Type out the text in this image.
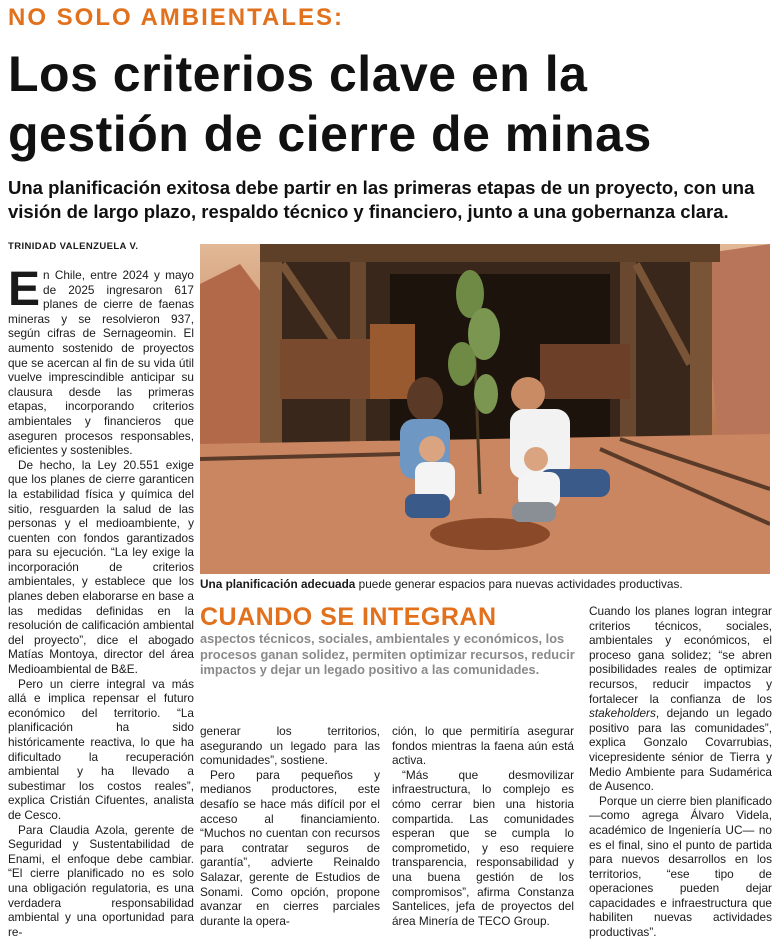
NO SOLO AMBIENTALES:
Los criterios clave en la gestión de cierre de minas
Una planificación exitosa debe partir en las primeras etapas de un proyecto, con una visión de largo plazo, respaldo técnico y financiero, junto a una gobernanza clara.
TRINIDAD VALENZUELA V.

En Chile, entre 2024 y mayo de 2025 ingresaron 617 planes de cierre de faenas mineras y se resolvieron 937, según cifras de Sernageomin. El aumento sostenido de proyectos que se acercan al fin de su vida útil vuelve imprescindible anticipar su clausura desde las primeras etapas, incorporando criterios ambientales y financieros que aseguren procesos responsables, eficientes y sostenibles.

De hecho, la Ley 20.551 exige que los planes de cierre garanticen la estabilidad física y química del sitio, resguarden la salud de las personas y el medioambiente, y cuenten con fondos garantizados para su ejecución. “La ley exige la incorporación de criterios ambientales, y establece que los planes deben elaborarse en base a las medidas definidas en la resolución de calificación ambiental del proyecto”, dice el abogado Matías Montoya, director del área Medioambiental de B&E.

Pero un cierre integral va más allá e implica repensar el futuro económico del territorio. “La planificación ha sido históricamente reactiva, lo que ha dificultado la recuperación ambiental y ha llevado a subestimar los costos reales”, explica Cristián Cifuentes, analista de Cesco.

Para Claudia Azola, gerente de Seguridad y Sustentabilidad de Enami, el enfoque debe cambiar. “El cierre planificado no es solo una obligación regulatoria, es una verdadera responsabilidad ambiental y una oportunidad para re-

Una planificación adecuada puede generar espacios para nuevas actividades productivas.
CUANDO SE INTEGRAN
aspectos técnicos, sociales, ambientales y económicos, los procesos ganan solidez, permiten optimizar recursos, reducir impactos y dejar un legado positivo a las comunidades.

generar los territorios, asegurando un legado para las comunidades”, sostiene.

Pero para pequeños y medianos productores, este desafío se hace más difícil por el acceso al financiamiento. “Muchos no cuentan con recursos para contratar seguros de garantía”, advierte Reinaldo Salazar, gerente de Estudios de Sonami. Como opción, propone avanzar en cierres parciales durante la opera-

ción, lo que permitiría asegurar fondos mientras la faena aún está activa.

“Más que desmovilizar infraestructura, lo complejo es cómo cerrar bien una historia compartida. Las comunidades esperan que se cumpla lo comprometido, y eso requiere transparencia, responsabilidad y una buena gestión de los compromisos”, afirma Constanza Santelices, jefa de proyectos del área Minería de TECO Group.

Cuando los planes logran integrar criterios técnicos, sociales, ambientales y económicos, el proceso gana solidez; “se abren posibilidades reales de optimizar recursos, reducir impactos y fortalecer la confianza de los stakeholders, dejando un legado positivo para las comunidades”, explica Gonzalo Covarrubias, vicepresidente sénior de Tierra y Medio Ambiente para Sudamérica de Ausenco.

Porque un cierre bien planificado —como agrega Álvaro Videla, académico de Ingeniería UC— no es el final, sino el punto de partida para nuevos desarrollos en los territorios, “ese tipo de operaciones pueden dejar capacidades e infraestructura que habiliten nuevas actividades productivas”.
